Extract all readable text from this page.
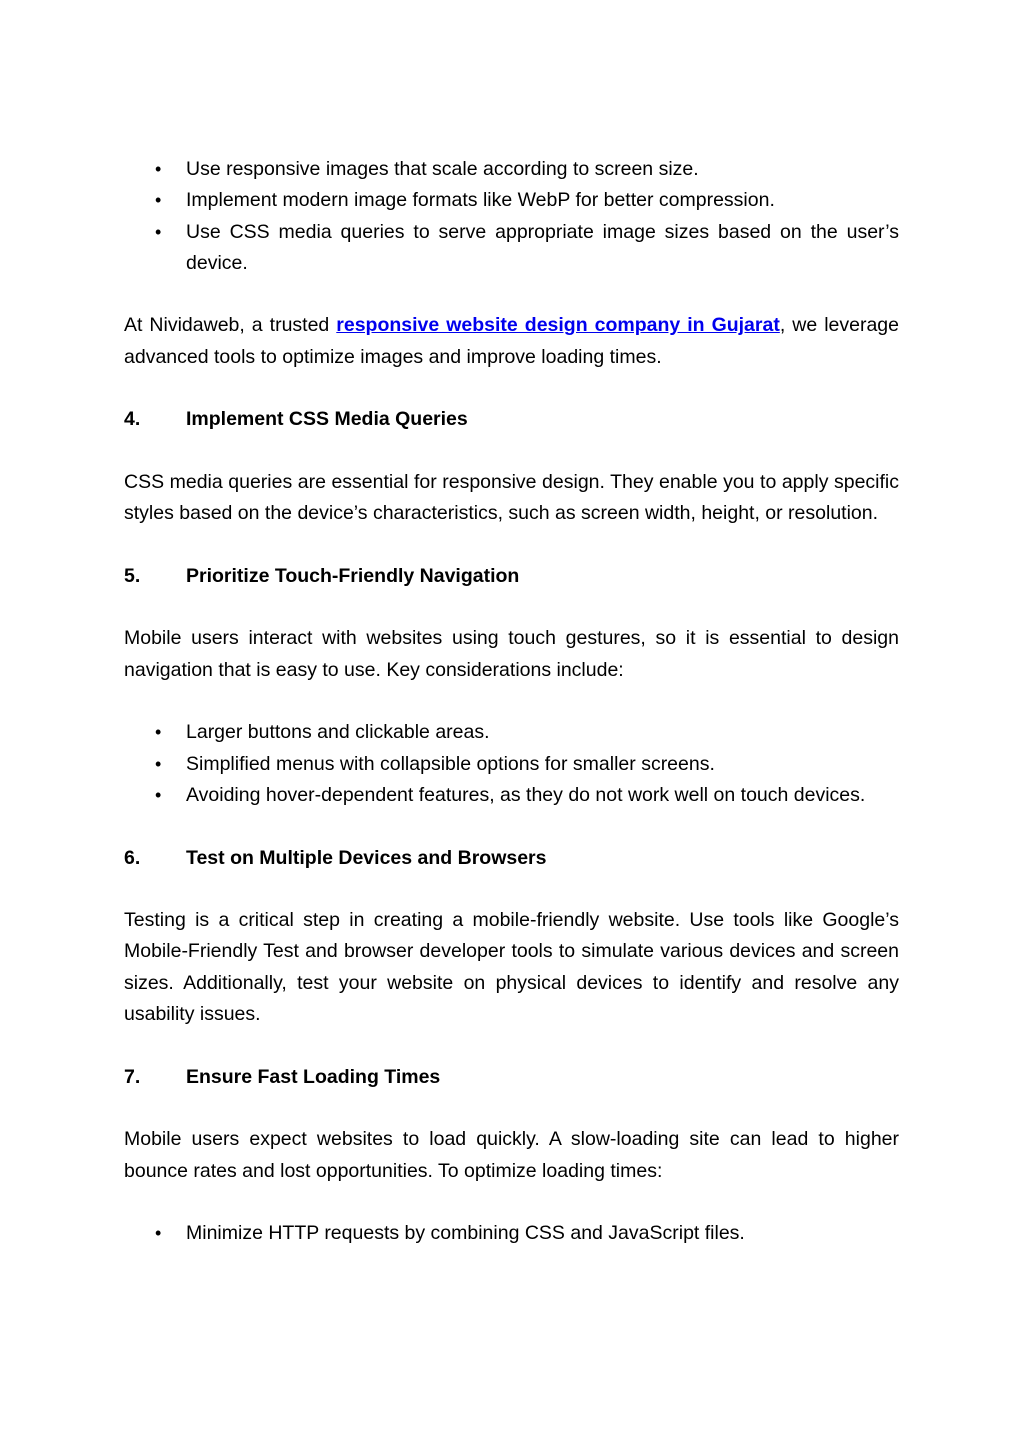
• Use responsive images that scale according to screen size.
• Implement modern image formats like WebP for better compression.
• Use CSS media queries to serve appropriate image sizes based on the user’s device.

At Nividaweb, a trusted responsive website design company in Gujarat, we leverage advanced tools to optimize images and improve loading times.

4.	Implement CSS Media Queries

CSS media queries are essential for responsive design. They enable you to apply specific styles based on the device’s characteristics, such as screen width, height, or resolution.

5.	Prioritize Touch-Friendly Navigation

Mobile users interact with websites using touch gestures, so it is essential to design navigation that is easy to use. Key considerations include:

• Larger buttons and clickable areas.
• Simplified menus with collapsible options for smaller screens.
• Avoiding hover-dependent features, as they do not work well on touch devices.
6.	Test on Multiple Devices and Browsers

Testing is a critical step in creating a mobile-friendly website. Use tools like Google’s Mobile-Friendly Test and browser developer tools to simulate various devices and screen sizes. Additionally, test your website on physical devices to identify and resolve any usability issues.

7.	Ensure Fast Loading Times

Mobile users expect websites to load quickly. A slow-loading site can lead to higher bounce rates and lost opportunities. To optimize loading times:

• Minimize HTTP requests by combining CSS and JavaScript files.
